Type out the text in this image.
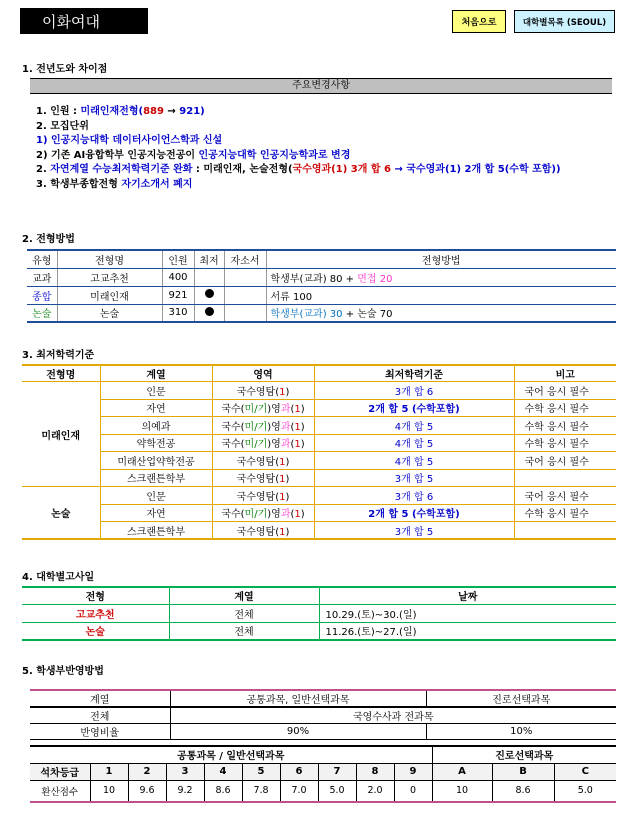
이화여대	처음으로	대학별목록 (SEOUL)
1. 전년도와 차이점
주요변경사항
1. 인원 : 미래인재전형(889 → 921)
2. 모집단위
1) 인공지능대학 데이터사이언스학과 신설
2) 기존 AI융합학부 인공지능전공이 인공지능대학 인공지능학과로 변경
2. 자연계열 수능최저학력기준 완화 : 미래인재, 논술전형(국수영과(1) 3개 합 6 → 국수영과(1) 2개 합 5(수학 포함))
3. 학생부종합전형 자기소개서 폐지
2. 전형방법
유형	전형명	인원	최저	자소서	전형방법
교과	고교추천	400			학생부(교과) 80 + 면접 20
종합	미래인재	921			서류 100
논술	논술	310			학생부(교과) 30 + 논술 70
3. 최저학력기준
전형명	계열	영역	최저학력기준	비고
미래인재	인문	국수영탐(1)	3개 합 6	국어 응시 필수
	자연	국수(미/기)영과(1)	2개 합 5 (수학포함)	수학 응시 필수
	의예과	국수(미/기)영과(1)	4개 합 5	수학 응시 필수
	약학전공	국수(미/기)영과(1)	4개 합 5	수학 응시 필수
	미래산업약학전공	국수영탐(1)	4개 합 5	국어 응시 필수
	스크랜튼학부	국수영탐(1)	3개 합 5	
논술	인문	국수영탐(1)	3개 합 6	국어 응시 필수
	자연	국수(미/기)영과(1)	2개 합 5 (수학포함)	수학 응시 필수
	스크랜튼학부	국수영탐(1)	3개 합 5	
4. 대학별고사일
전형	계열	날짜
고교추천	전체	10.29.(토)~30.(일)
논술	전체	11.26.(토)~27.(일)
5. 학생부반영방법
계열	공통과목, 일반선택과목	진로선택과목
전체	국영수사과 전과목	
반영비율	90%	10%
공통과목 / 일반선택과목										진로선택과목		
석차등급	1	2	3	4	5	6	7	8	9	A	B	C
환산점수	10	9.6	9.2	8.6	7.8	7.0	5.0	2.0	0	10	8.6	5.0
